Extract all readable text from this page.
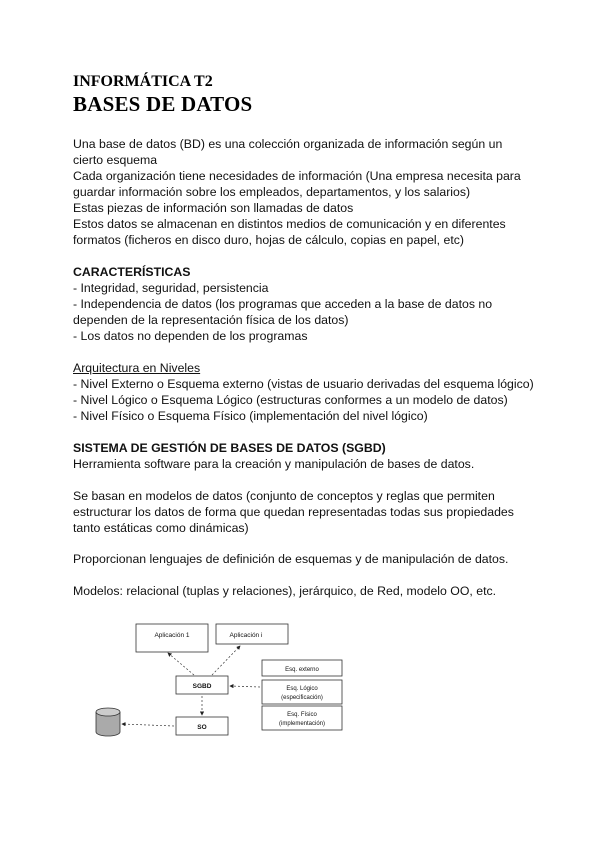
INFORMÁTICA T2
BASES DE DATOS
Una base de datos (BD) es una colección organizada de información según un
cierto esquema
Cada organización tiene necesidades de información (Una empresa necesita para
guardar información sobre los empleados, departamentos, y los salarios)
Estas piezas de información son llamadas de datos
Estos datos se almacenan en distintos medios de comunicación y en diferentes
formatos (ficheros en disco duro, hojas de cálculo, copias en papel, etc)
CARACTERÍSTICAS
- Integridad, seguridad, persistencia
- Independencia de datos (los programas que acceden a la base de datos no
dependen de la representación física de los datos)
- Los datos no dependen de los programas
Arquitectura en Niveles
- Nivel Externo o Esquema externo (vistas de usuario derivadas del esquema lógico)
- Nivel Lógico o Esquema Lógico (estructuras conformes a un modelo de datos)
- Nivel Físico o Esquema Físico (implementación del nivel lógico)
SISTEMA DE GESTIÓN DE BASES DE DATOS (SGBD)
Herramienta software para la creación y manipulación de bases de datos.
Se basan en modelos de datos (conjunto de conceptos y reglas que permiten
estructurar los datos de forma que quedan representadas todas sus propiedades
tanto estáticas como dinámicas)
Proporcionan lenguajes de definición de esquemas y de manipulación de datos.
Modelos: relacional (tuplas y relaciones), jerárquico, de Red, modelo OO, etc.
Aplicación 1	Aplicación i
SGBD
SO
Esq. externo
Esq. Lógico
(especificación)
Esq. Físico
(implementación)
